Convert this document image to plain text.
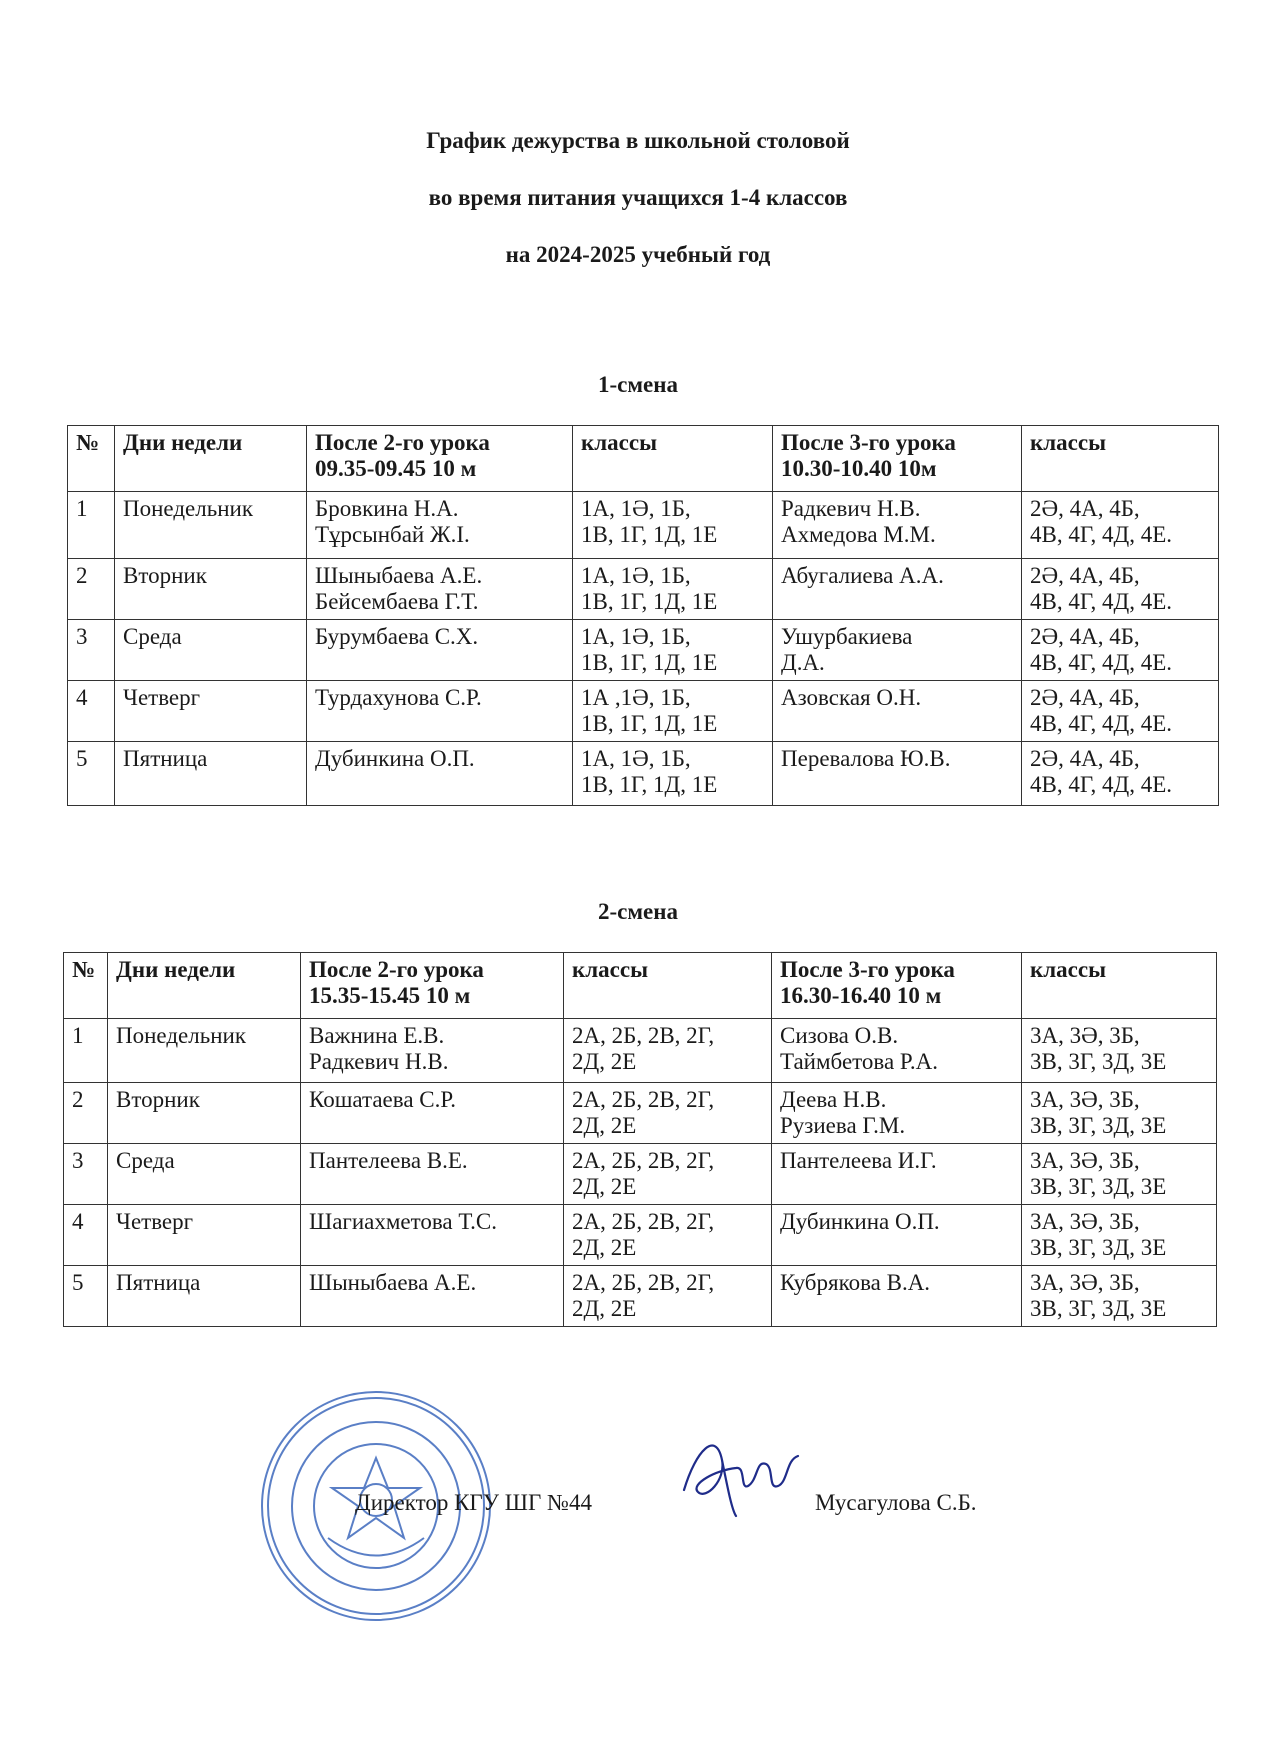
График дежурства в школьной столовой
во время питания учащихся 1-4 классов
на 2024-2025 учебный год
1-смена
№	Дни недели	После 2-го урока
09.35-09.45 10 м	классы	После 3-го урока
10.30-10.40 10м	классы
1	Понедельник	Бровкина Н.А.
Тұрсынбай Ж.І.	1А, 1Ә, 1Б,
1В, 1Г, 1Д, 1Е	Радкевич Н.В.
Ахмедова М.М.	2Ә, 4А, 4Б,
4В, 4Г, 4Д, 4Е.

2	Вторник	Шыныбаева А.Е.
Бейсембаева Г.Т.	1А, 1Ә, 1Б,
1В, 1Г, 1Д, 1Е	Абугалиева А.А.	2Ә, 4А, 4Б,
4В, 4Г, 4Д, 4Е.

3	Среда	Бурумбаева С.Х.	1А, 1Ә, 1Б,
1В, 1Г, 1Д, 1Е	Ушурбакиева
Д.А.	2Ә, 4А, 4Б,
4В, 4Г, 4Д, 4Е.

4	Четверг	Турдахунова С.Р.	1А ,1Ә, 1Б,
1В, 1Г, 1Д, 1Е	Азовская О.Н.	2Ә, 4А, 4Б,
4В, 4Г, 4Д, 4Е.

5	Пятница	Дубинкина О.П.	1А, 1Ә, 1Б,
1В, 1Г, 1Д, 1Е	Перевалова Ю.В.	2Ә, 4А, 4Б,
4В, 4Г, 4Д, 4Е.
2-смена
№	Дни недели	После 2-го урока
15.35-15.45 10 м	классы	После 3-го урока
16.30-16.40 10 м	классы
1	Понедельник	Важнина Е.В.
Радкевич Н.В.	2А, 2Б, 2В, 2Г,
2Д, 2Е	Сизова О.В.
Таймбетова Р.А.	3А, 3Ә, 3Б,
3В, 3Г, 3Д, 3Е

2	Вторник	Кошатаева С.Р.	2А, 2Б, 2В, 2Г,
2Д, 2Е	Деева Н.В.
Рузиева Г.М.	3А, 3Ә, 3Б,
3В, 3Г, 3Д, 3Е

3	Среда	Пантелеева В.Е.	2А, 2Б, 2В, 2Г,
2Д, 2Е	Пантелеева И.Г.	3А, 3Ә, 3Б,
3В, 3Г, 3Д, 3Е

4	Четверг	Шагиахметова Т.С.	2А, 2Б, 2В, 2Г,
2Д, 2Е	Дубинкина О.П.	3А, 3Ә, 3Б,
3В, 3Г, 3Д, 3Е

5	Пятница	Шыныбаева А.Е.	2А, 2Б, 2В, 2Г,
2Д, 2Е	Кубрякова В.А.	3А, 3Ә, 3Б,
3В, 3Г, 3Д, 3Е
Директор КГУ ШГ №44	Мусагулова С.Б.
